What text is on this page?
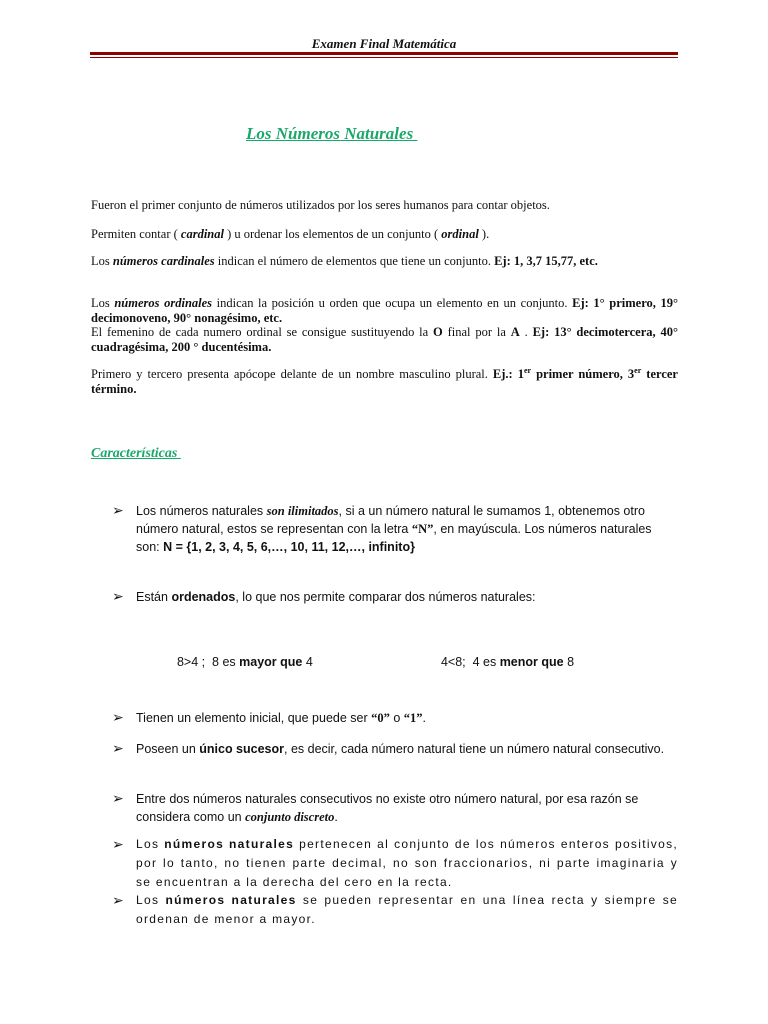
Examen Final Matemática
Los Números Naturales
Fueron el primer conjunto de números utilizados por los seres humanos para contar objetos.
Permiten contar ( cardinal ) u ordenar los elementos de un conjunto ( ordinal ).
Los números cardinales indican el número de elementos que tiene un conjunto. Ej: 1, 3,7 15,77, etc.
Los números ordinales indican la posición u orden que ocupa un elemento en un conjunto. Ej: 1° primero, 19° decimonoveno, 90° nonagésimo, etc.
El femenino de cada numero ordinal se consigue sustituyendo la O final por la A . Ej: 13° decimotercera, 40° cuadragésima, 200 ° ducentésima.
Primero y tercero presenta apócope delante de un nombre masculino plural. Ej.: 1er primer número, 3er tercer término.
Características
➢ Los números naturales son ilimitados, si a un número natural le sumamos 1, obtenemos otro número natural, estos se representan con la letra “N”, en mayúscula. Los números naturales son: N = {1, 2, 3, 4, 5, 6,…, 10, 11, 12,…, infinito}
➢ Están ordenados, lo que nos permite comparar dos números naturales:

8>4 ;  8 es mayor que 4	4<8;  4 es menor que 8

➢ Tienen un elemento inicial, que puede ser “0” o “1”.
➢ Poseen un único sucesor, es decir, cada número natural tiene un número natural consecutivo.
➢ Entre dos números naturales consecutivos no existe otro número natural, por esa razón se considera como un conjunto discreto.
➢ Los números naturales pertenecen al conjunto de los números enteros positivos, por lo tanto, no tienen parte decimal, no son fraccionarios, ni parte imaginaria y se encuentran a la derecha del cero en la recta.
➢ Los números naturales se pueden representar en una línea recta y siempre se ordenan de menor a mayor.
